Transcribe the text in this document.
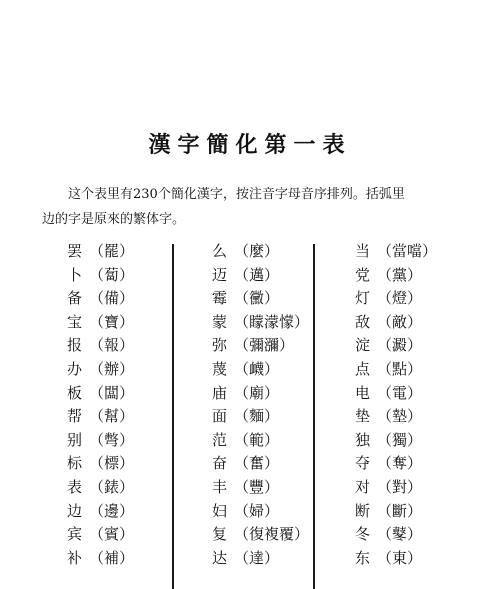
漢字簡化第一表
这个表里有230个簡化漢字，按注音字母音序排列。括弧里
边的字是原來的繁体字。
罢 （罷）
卜 （蔔）
备 （備）
宝 （寶）
报 （報）
办 （辦）
板 （闆）
帮 （幫）
别 （彆）
标 （標）
表 （錶）
边 （邊）
宾 （賓）
补 （補）
么 （麼）
迈 （邁）
霉 （黴）
蒙 （矇濛懞）
弥 （彌瀰）
蔑 （衊）
庙 （廟）
面 （麵）
范 （範）
奋 （奮）
丰 （豐）
妇 （婦）
复 （復複覆）
达 （達）
当 （當噹）
党 （黨）
灯 （燈）
敌 （敵）
淀 （澱）
点 （點）
电 （電）
垫 （墊）
独 （獨）
夺 （奪）
对 （對）
断 （斷）
冬 （鼕）
东 （東）
